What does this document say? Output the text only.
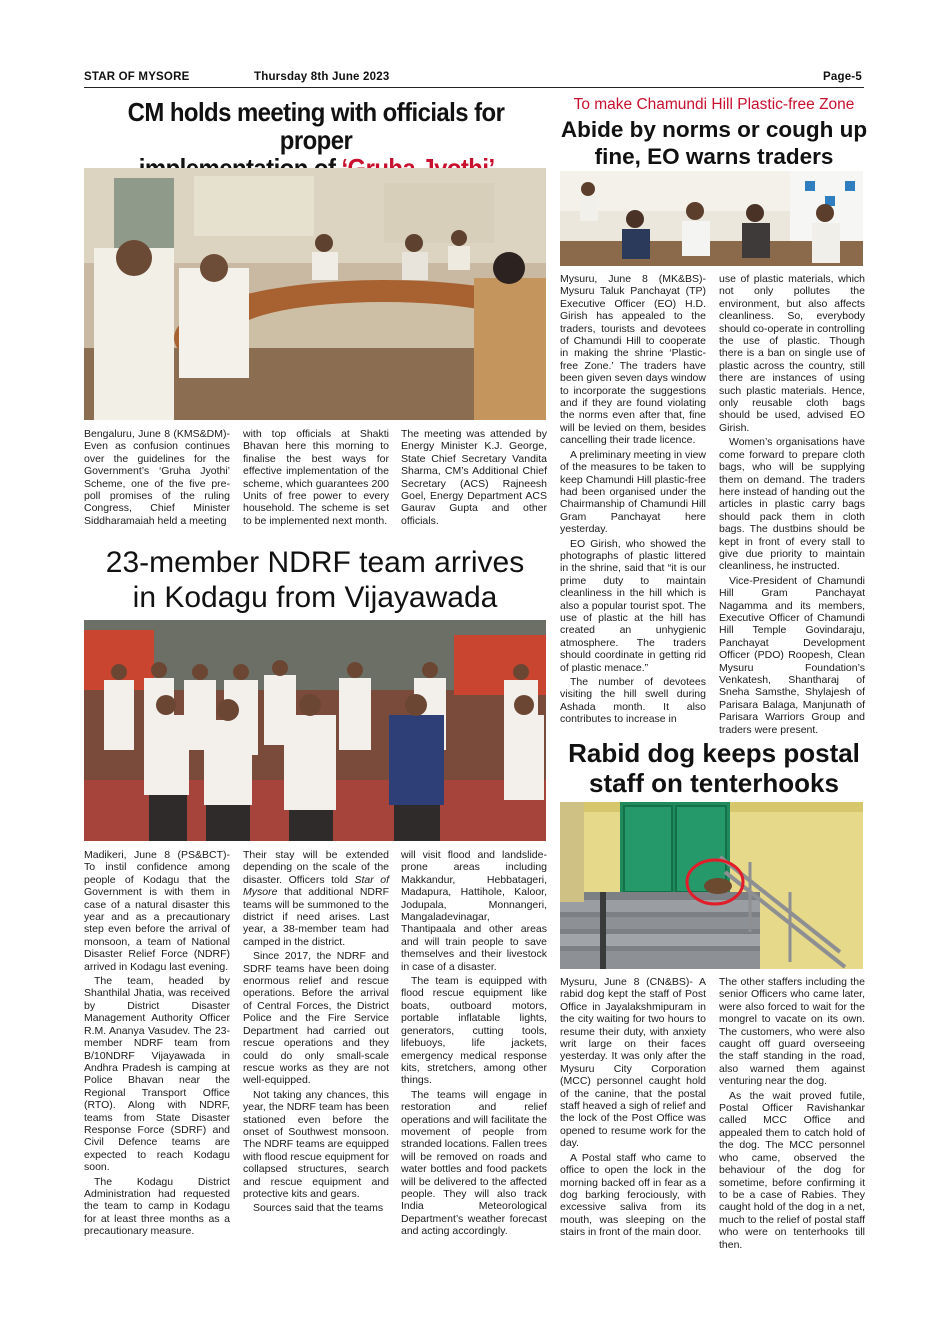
STAR OF MYSORE	Thursday 8th June 2023	Page-5
CM holds meeting with officials for proper

Bengaluru, June 8 (KMS&DM)- Even as confusion continues over the guidelines for the Government’s ‘Gruha Jyothi’ Scheme, one of the five pre-poll promises of the ruling Congress, Chief Minister Siddharamaiah held a meeting

with top officials at Shakti Bhavan here this morning to finalise the best ways for effective implementation of the scheme, which guarantees 200 Units of free power to every household. The scheme is set to be implemented next month.

The meeting was attended by Energy Minister K.J. George, State Chief Secretary Vandita Sharma, CM’s Additional Chief Secretary (ACS) Rajneesh Goel, Energy Department ACS Gaurav Gupta and other officials.

To make Chamundi Hill Plastic-free Zone
Abide by norms or cough up fine, EO warns traders

Mysuru, June 8 (MK&BS)- Mysuru Taluk Panchayat (TP) Executive Officer (EO) H.D. Girish has appealed to the traders, tourists and devotees of Chamundi Hill to cooperate in making the shrine ‘Plastic-free Zone.’ The traders have been given seven days window to incorporate the suggestions and if they are found violating the norms even after that, fine will be levied on them, besides cancelling their trade licence.

A preliminary meeting in view of the measures to be taken to keep Chamundi Hill plastic-free had been organised under the Chairmanship of Chamundi Hill Gram Panchayat here yesterday.

EO Girish, who showed the photographs of plastic littered in the shrine, said that “it is our prime duty to maintain cleanliness in the hill which is also a popular tourist spot. The use of plastic at the hill has created an unhygienic atmosphere. The traders should coordinate in getting rid of plastic menace.”

The number of devotees visiting the hill swell during Ashada month. It also contributes to increase in

use of plastic materials, which not only pollutes the environment, but also affects cleanliness. So, everybody should co-operate in controlling the use of plastic. Though there is a ban on single use of plastic across the country, still there are instances of using such plastic materials. Hence, only reusable cloth bags should be used, advised EO Girish.

Women’s organisations have come forward to prepare cloth bags, who will be supplying them on demand. The traders here instead of handing out the articles in plastic carry bags should pack them in cloth bags. The dustbins should be kept in front of every stall to give due priority to maintain cleanliness, he instructed.

Vice-President of Chamundi Hill Gram Panchayat Nagamma and its members, Executive Officer of Chamundi Hill Temple Govindaraju, Panchayat Development Officer (PDO) Roopesh, Clean Mysuru Foundation’s Venkatesh, Shantharaj of Sneha Samsthe, Shylajesh of Parisara Balaga, Manjunath of Parisara Warriors Group and traders were present.

23-member NDRF team arrives
in Kodagu from Vijayawada

Madikeri, June 8 (PS&BCT)- To instil confidence among people of Kodagu that the Government is with them in case of a natural disaster this year and as a precautionary step even before the arrival of monsoon, a team of National Disaster Relief Force (NDRF) arrived in Kodagu last evening.

The team, headed by Shanthilal Jhatia, was received by District Disaster Management Authority Officer R.M. Ananya Vasudev. The 23-member NDRF team from B/10NDRF Vijayawada in Andhra Pradesh is camping at Police Bhavan near the Regional Transport Office (RTO). Along with NDRF, teams from State Disaster Response Force (SDRF) and Civil Defence teams are expected to reach Kodagu soon.

The Kodagu District Administration had requested the team to camp in Kodagu for at least three months as a precautionary measure.

Their stay will be extended depending on the scale of the disaster. Officers told Star of Mysore that additional NDRF teams will be summoned to the district if need arises. Last year, a 38-member team had camped in the district.

Since 2017, the NDRF and SDRF teams have been doing enormous relief and rescue operations. Before the arrival of Central Forces, the District Police and the Fire Service Department had carried out rescue operations and they could do only small-scale rescue works as they are not well-equipped.

Not taking any chances, this year, the NDRF team has been stationed even before the onset of Southwest monsoon. The NDRF teams are equipped with flood rescue equipment for collapsed structures, search and rescue equipment and protective kits and gears.

Sources said that the teams

will visit flood and landslide-prone areas including Makkandur, Hebbatageri, Madapura, Hattihole, Kaloor, Jodupala, Monnangeri, Mangaladevinagar, Thantipaala and other areas and will train people to save themselves and their livestock in case of a disaster.

The team is equipped with flood rescue equipment like boats, outboard motors, portable inflatable lights, generators, cutting tools, lifebuoys, life jackets, emergency medical response kits, stretchers, among other things.

The teams will engage in restoration and relief operations and will facilitate the movement of people from stranded locations. Fallen trees will be removed on roads and water bottles and food packets will be delivered to the affected people. They will also track India Meteorological Department’s weather forecast and acting accordingly.

Rabid dog keeps postal
staff on tenterhooks

Mysuru, June 8 (CN&BS)- A rabid dog kept the staff of Post Office in Jayalakshmipuram in the city waiting for two hours to resume their duty, with anxiety writ large on their faces yesterday. It was only after the Mysuru City Corporation (MCC) personnel caught hold of the canine, that the postal staff heaved a sigh of relief and the lock of the Post Office was opened to resume work for the day.

A Postal staff who came to office to open the lock in the morning backed off in fear as a dog barking ferociously, with excessive saliva from its mouth, was sleeping on the stairs in front of the main door.

The other staffers including the senior Officers who came later, were also forced to wait for the mongrel to vacate on its own. The customers, who were also caught off guard overseeing the staff standing in the road, also warned them against venturing near the dog.

As the wait proved futile, Postal Officer Ravishankar called MCC Office and appealed them to catch hold of the dog. The MCC personnel who came, observed the behaviour of the dog for sometime, before confirming it to be a case of Rabies. They caught hold of the dog in a net, much to the relief of postal staff who were on tenterhooks till then.
